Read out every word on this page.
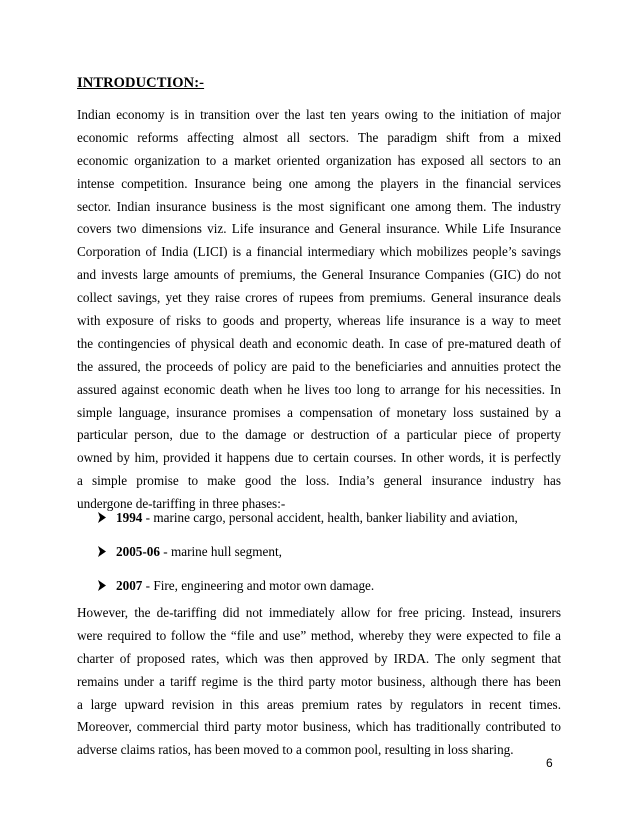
INTRODUCTION:-
Indian economy is in transition over the last ten years owing to the initiation of major
economic reforms affecting almost all sectors. The paradigm shift from a mixed
economic organization to a market oriented organization has exposed all sectors to an
intense competition. Insurance being one among the players in the financial services
sector. Indian insurance business is the most significant one among them. The industry
covers two dimensions viz. Life insurance and General insurance. While Life Insurance
Corporation of India (LICI) is a financial intermediary which mobilizes people’s savings
and invests large amounts of premiums, the General Insurance Companies (GIC) do not
collect savings, yet they raise crores of rupees from premiums. General insurance deals
with exposure of risks to goods and property, whereas life insurance is a way to meet
the contingencies of physical death and economic death. In case of pre-matured death of
the assured, the proceeds of policy are paid to the beneficiaries and annuities protect the
assured against economic death when he lives too long to arrange for his necessities. In
simple language, insurance promises a compensation of monetary loss sustained by a
particular person, due to the damage or destruction of a particular piece of property
owned by him, provided it happens due to certain courses. In other words, it is perfectly
a simple promise to make good the loss. India’s general insurance industry has
undergone de-tariffing in three phases:-
1994 - marine cargo, personal accident, health, banker liability and aviation,
2005-06 - marine hull segment,
2007 - Fire, engineering and motor own damage.
However, the de-tariffing did not immediately allow for free pricing. Instead, insurers
were required to follow the “file and use” method, whereby they were expected to file a
charter of proposed rates, which was then approved by IRDA. The only segment that
remains under a tariff regime is the third party motor business, although there has been
a large upward revision in this areas premium rates by regulators in recent times.
Moreover, commercial third party motor business, which has traditionally contributed to
adverse claims ratios, has been moved to a common pool, resulting in loss sharing.
6
